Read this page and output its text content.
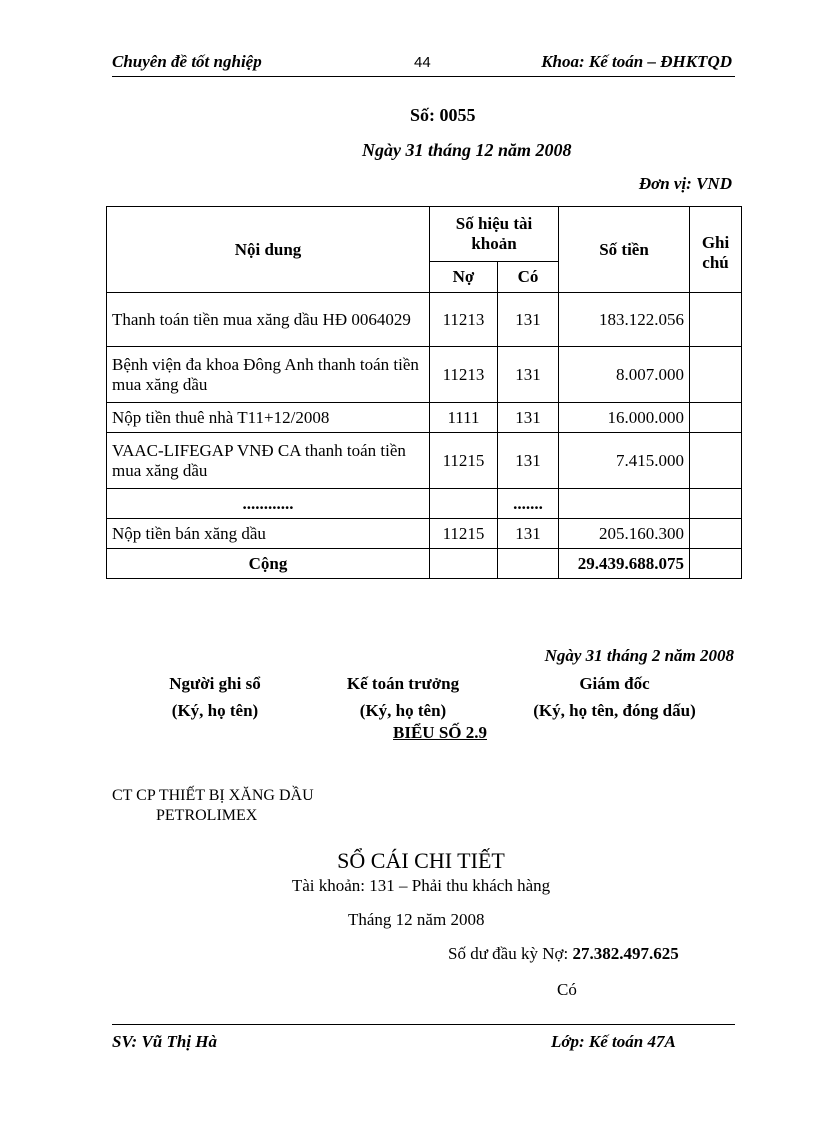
Chuyên đề tốt nghiệp	44	Khoa: Kế toán – ĐHKTQD
Số: 0055
Ngày 31 tháng 12 năm 2008
Đơn vị: VND
Nội dung	Số hiệu tài khoản		Số tiền	Ghi chú
	Nợ	Có		
Thanh toán tiền mua xăng dầu HĐ 0064029	11213	131	183.122.056	
Bệnh viện đa khoa Đông Anh thanh toán tiền mua xăng dầu	11213	131	8.007.000	
Nộp tiền thuê nhà T11+12/2008	1111	131	16.000.000	
VAAC-LIFEGAP VNĐ CA thanh toán tiền mua xăng dầu	11215	131	7.415.000	
............		.......		
Nộp tiền bán xăng dầu	11215	131	205.160.300	
Cộng			29.439.688.075	
Ngày 31 tháng 2 năm 2008
Người ghi sổ
(Ký, họ tên)
Kế toán trưởng
(Ký, họ tên)
Giám đốc
(Ký, họ tên, đóng dấu)
BIỂU SỐ 2.9
CT CP THIẾT BỊ XĂNG DẦU
PETROLIMEX
SỔ CÁI CHI TIẾT
Tài khoản: 131 – Phải thu khách hàng
Tháng 12 năm 2008
Số dư đầu kỳ Nợ: 27.382.497.625
Có
SV: Vũ Thị Hà	Lớp: Kế toán 47A
